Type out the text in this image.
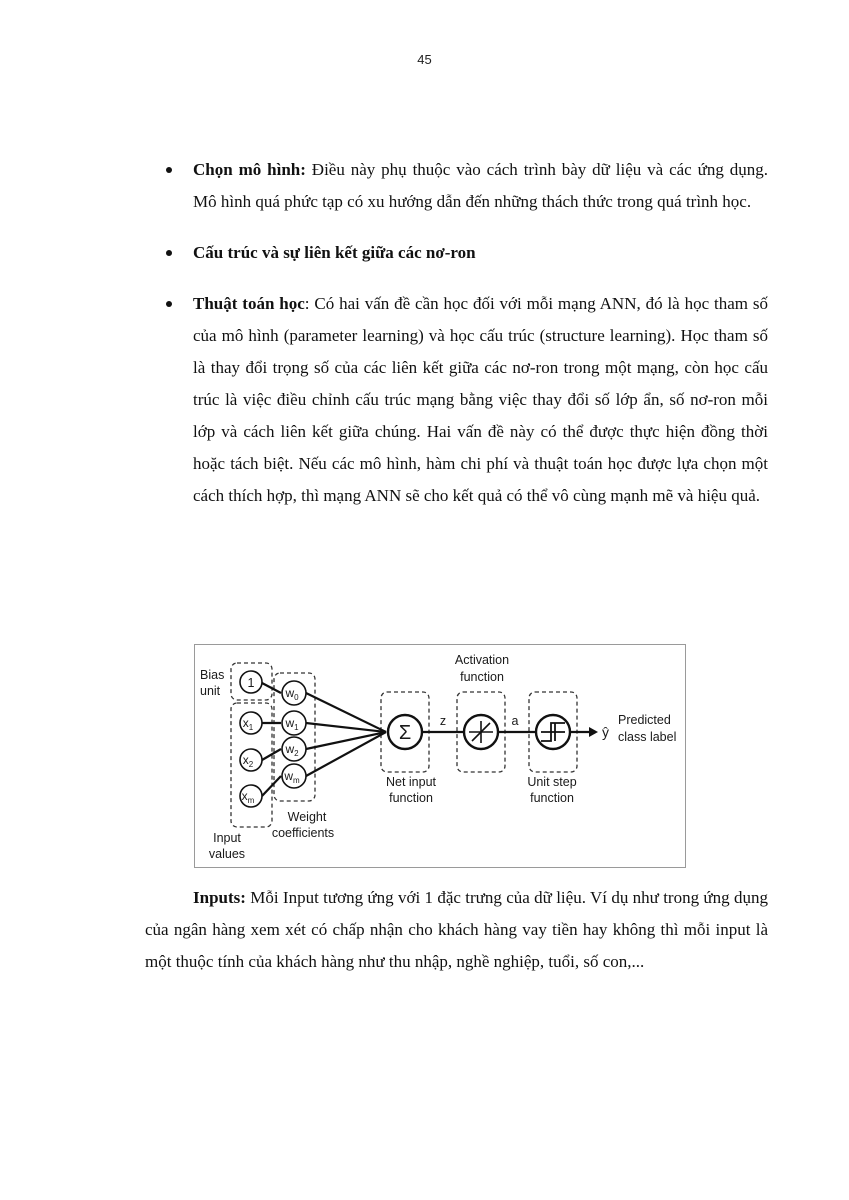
45
Chọn mô hình: Điều này phụ thuộc vào cách trình bày dữ liệu và các ứng dụng. Mô hình quá phức tạp có xu hướng dẫn đến những thách thức trong quá trình học.
Cấu trúc và sự liên kết giữa các nơ-ron
Thuật toán học: Có hai vấn đề cần học đối với mỗi mạng ANN, đó là học tham số của mô hình (parameter learning) và học cấu trúc (structure learning). Học tham số là thay đổi trọng số của các liên kết giữa các nơ-ron trong một mạng, còn học cấu trúc là việc điều chỉnh cấu trúc mạng bằng việc thay đổi số lớp ẩn, số nơ-ron mỗi lớp và cách liên kết giữa chúng. Hai vấn đề này có thể được thực hiện đồng thời hoặc tách biệt. Nếu các mô hình, hàm chi phí và thuật toán học được lựa chọn một cách thích hợp, thì mạng ANN sẽ cho kết quả có thể vô cùng mạnh mẽ và hiệu quả.
Bias
unit
1
$x_1$
$x_2$
$x_m$
$w_0$
$w_1$
$w_2$
$w_m$
Input
values
Weight
coefficients
Σ
Net input
function
Activation
function
z	a
Unit step
function
ŷ
Predicted
class label
Inputs: Mỗi Input tương ứng với 1 đặc trưng của dữ liệu. Ví dụ như trong ứng dụng của ngân hàng xem xét có chấp nhận cho khách hàng vay tiền hay không thì mỗi input là một thuộc tính của khách hàng như thu nhập, nghề nghiệp, tuổi, số con,...
